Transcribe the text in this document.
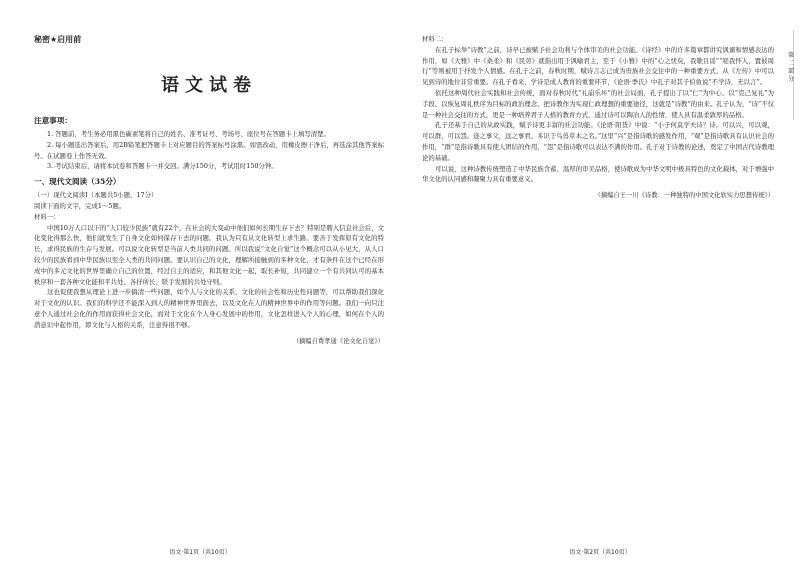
秘密★启用前
语文试卷
注意事项：

1. 答题前，考生务必用黑色碳素笔将自己的姓名、准考证号、考场号、座位号在答题卡上填写清楚。

2. 每小题选出答案后，用2B铅笔把答题卡上对应题目的答案标号涂黑。如需改动，用橡皮擦干净后，再选涂其他答案标号。在试题卷上作答无效。

3. 考试结束后，请将本试卷和答题卡一并交回。满分150分，考试用时150分钟。

一、现代文阅读（35分）

（一）现代文阅读Ⅰ（本题共5小题，17分）

阅读下面的文字，完成1～5题。

材料一：

中国10万人口以下的“人口较少民族”就有22个，在社会的大变动中他们如何长期生存下去？特别是聘入信息社会后，文化变化得那么快，他们就发生了自身文化如何保存下去的问题。我认为只有从文化转型上求生路。要善于发挥原有文化的特长，求得民族的生存与发展。可以说文化转型是当前人类共同的问题。所以我说“文化自觉”这个概念可以从小见大，从人口较少的民族看到中华民族以至全人类的共同问题。要认识自己的文化，理解所接触到的多种文化，才有条件在这个已经在形成中的多元文化的世界里确立自己的位置，经过自主的适应，和其他文化一起，取长补短，共同建立一个有共同认可的基本秩序和一套各种文化能和平共处、各抒所长、联手发展的共处守则。

这也促使我想从理论上进一步搞清一些问题，如个人与文化的关系，文化的社会性和历史性问题等，可以帮助我们深化对于文化的认识。我们的科学还不能深入到人的精神世界里面去，以及文化在人的精神世界中的作用等问题。我们一向只注意个人通过社会化的作用而获得社会文化，而对于文化在个人身心发展中的作用，文化怎样进入个人的心理，如何在个人的潜意识中起作用，即文化与人格的关系，注意得很不够。

（摘编自费孝通《论文化自觉》）
语文·第1页（共10页）

材料二：

在孔子标举“诗教”之前，诗早已被赋予社会功利与个体审美的社会功能。《诗经》中的许多篇章都讲究讽谏和情感表达的作用，如《大雅》中《桑柔》和《民劳》就指出用于讽喻君主，至于《小雅》中的“心之忧矣，我歌且谣”“嗟我怀人，置彼周行”等则被用于抒发个人情感。在孔子之前，春秋时期，赋诗言志已成为贵族社会交往中的一种重要方式，从《左传》中可以见到诗的地位非常重要。在孔子看来，学诗是成人教育的重要环节，《论语·季氏》中孔子对其子伯鱼说“不学诗，无以言”。

依托这种周代社会实践和社会传统，面对春秋时代“礼崩乐坏”的社会局面，孔子提出了以“仁”为中心、以“克己复礼”为手段、以恢复周礼秩序为目标的政治理念，把诗教作为实现仁政理想的重要途径，这就是“诗教”的由来。孔子认为，“诗”不仅是一种社会交往的方式，更是一种培养君子人格的教育方式，通过诗可以陶冶人的性情，使人具有温柔敦厚的品格。

孔子还基于自己的从政实践，赋予诗更丰富的社会功能。《论语·阳货》中说：“小子何莫学夫诗？诗，可以兴，可以观，可以群，可以怨。迩之事父，远之事君。多识于鸟兽草木之名。”这里“兴”是指诗歌的感发作用，“观”是指诗歌具有认识社会的作用，“群”是指诗歌具有使人团结的作用，“怨”是指诗歌可以表达不满的作用。孔子对于诗教的论述，奠定了中国古代诗教理论的基础。

可以说，这种诗教传统塑造了中华民族含蓄、温厚的审美品格，使诗歌成为中华文明中极具特色的文化载体，对于增强中华文化的认同感和凝聚力具有重要意义。

（摘编自王一川《诗教：一种独特的中国文化软实力思想传统》）
语文·第2页（共10页）
第二部分
